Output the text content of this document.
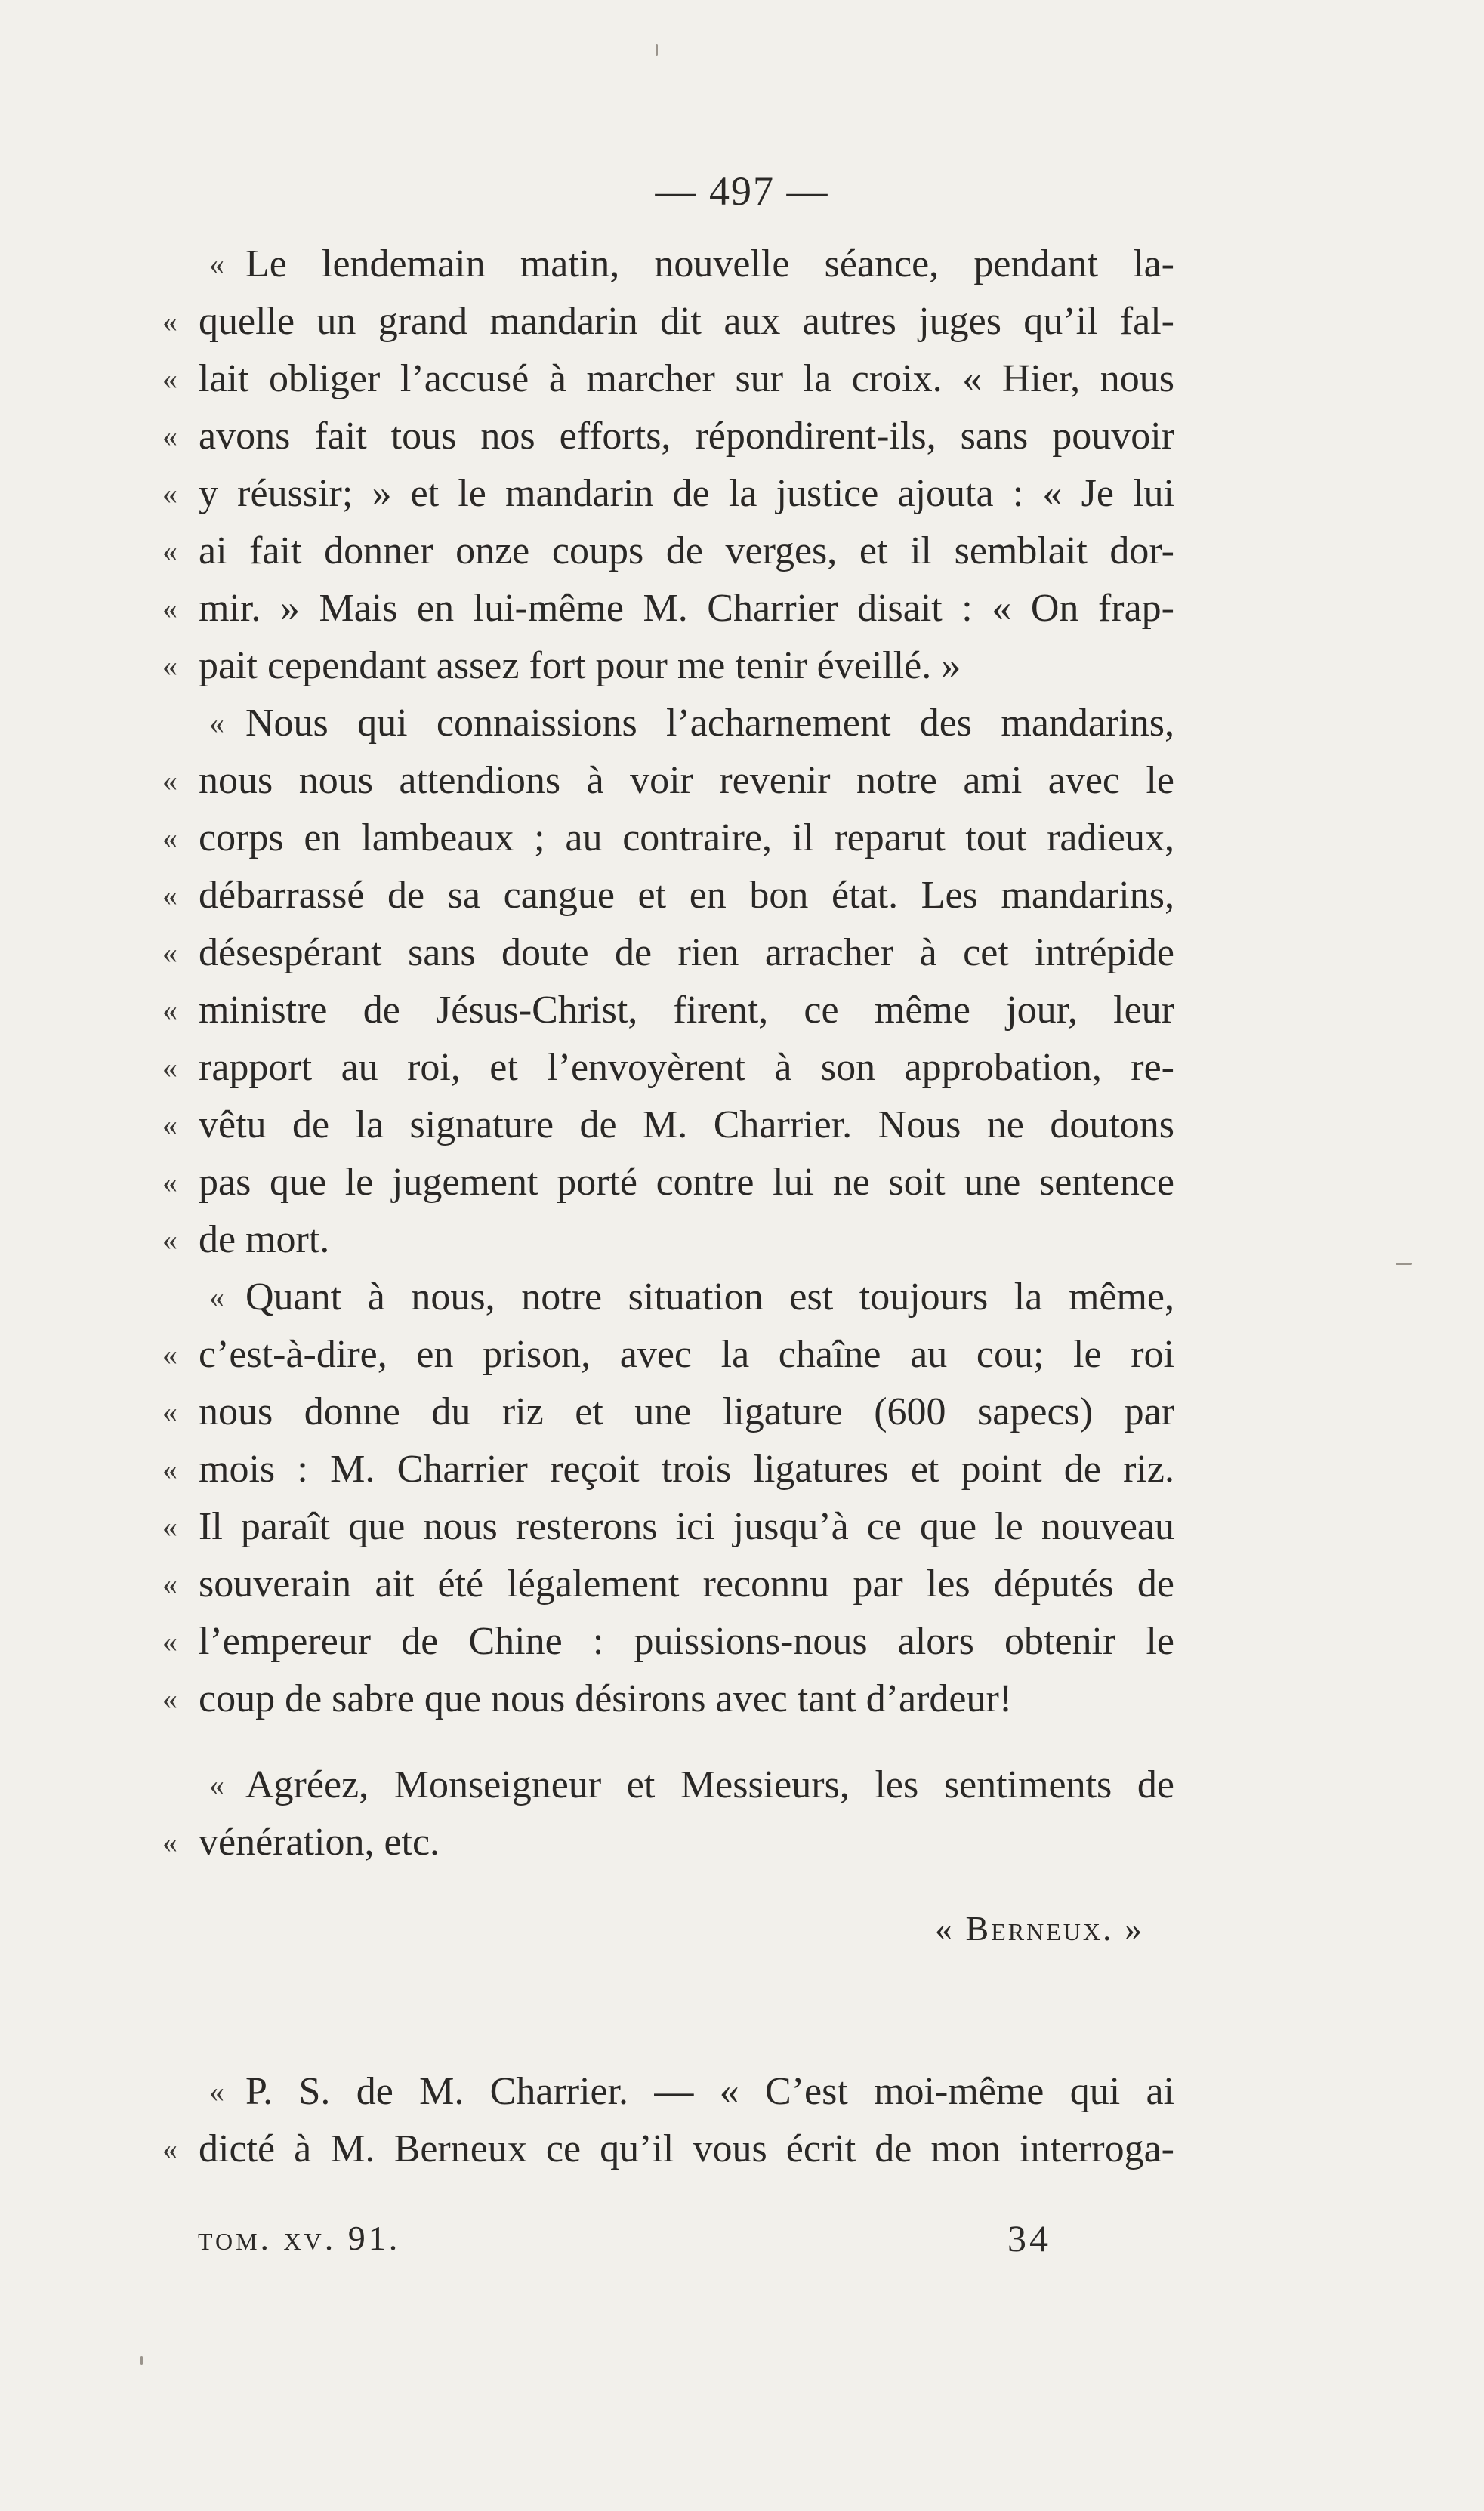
— 497 —
« Le lendemain matin, nouvelle séance, pendant la-
« quelle un grand mandarin dit aux autres juges qu’il fal-
« lait obliger l’accusé à marcher sur la croix. « Hier, nous
« avons fait tous nos efforts, répondirent-ils, sans pouvoir
« y réussir; » et le mandarin de la justice ajouta : « Je lui
« ai fait donner onze coups de verges, et il semblait dor-
« mir. » Mais en lui-même M. Charrier disait : « On frap-
« pait cependant assez fort pour me tenir éveillé. »
« Nous qui connaissions l’acharnement des mandarins,
« nous nous attendions à voir revenir notre ami avec le
« corps en lambeaux ; au contraire, il reparut tout radieux,
« débarrassé de sa cangue et en bon état. Les mandarins,
« désespérant sans doute de rien arracher à cet intrépide
« ministre de Jésus-Christ, firent, ce même jour, leur
« rapport au roi, et l’envoyèrent à son approbation, re-
« vêtu de la signature de M. Charrier. Nous ne doutons
« pas que le jugement porté contre lui ne soit une sentence
« de mort.
« Quant à nous, notre situation est toujours la même,
« c’est-à-dire, en prison, avec la chaîne au cou; le roi
« nous donne du riz et une ligature (600 sapecs) par
« mois : M. Charrier reçoit trois ligatures et point de riz.
« Il paraît que nous resterons ici jusqu’à ce que le nouveau
« souverain ait été légalement reconnu par les députés de
« l’empereur de Chine : puissions-nous alors obtenir le
« coup de sabre que nous désirons avec tant d’ardeur!
« Agréez, Monseigneur et Messieurs, les sentiments de
« vénération, etc.
« Berneux. »
« P. S. de M. Charrier. — « C’est moi-même qui ai
« dicté à M. Berneux ce qu’il vous écrit de mon interroga-
tom. xv. 91.	34
